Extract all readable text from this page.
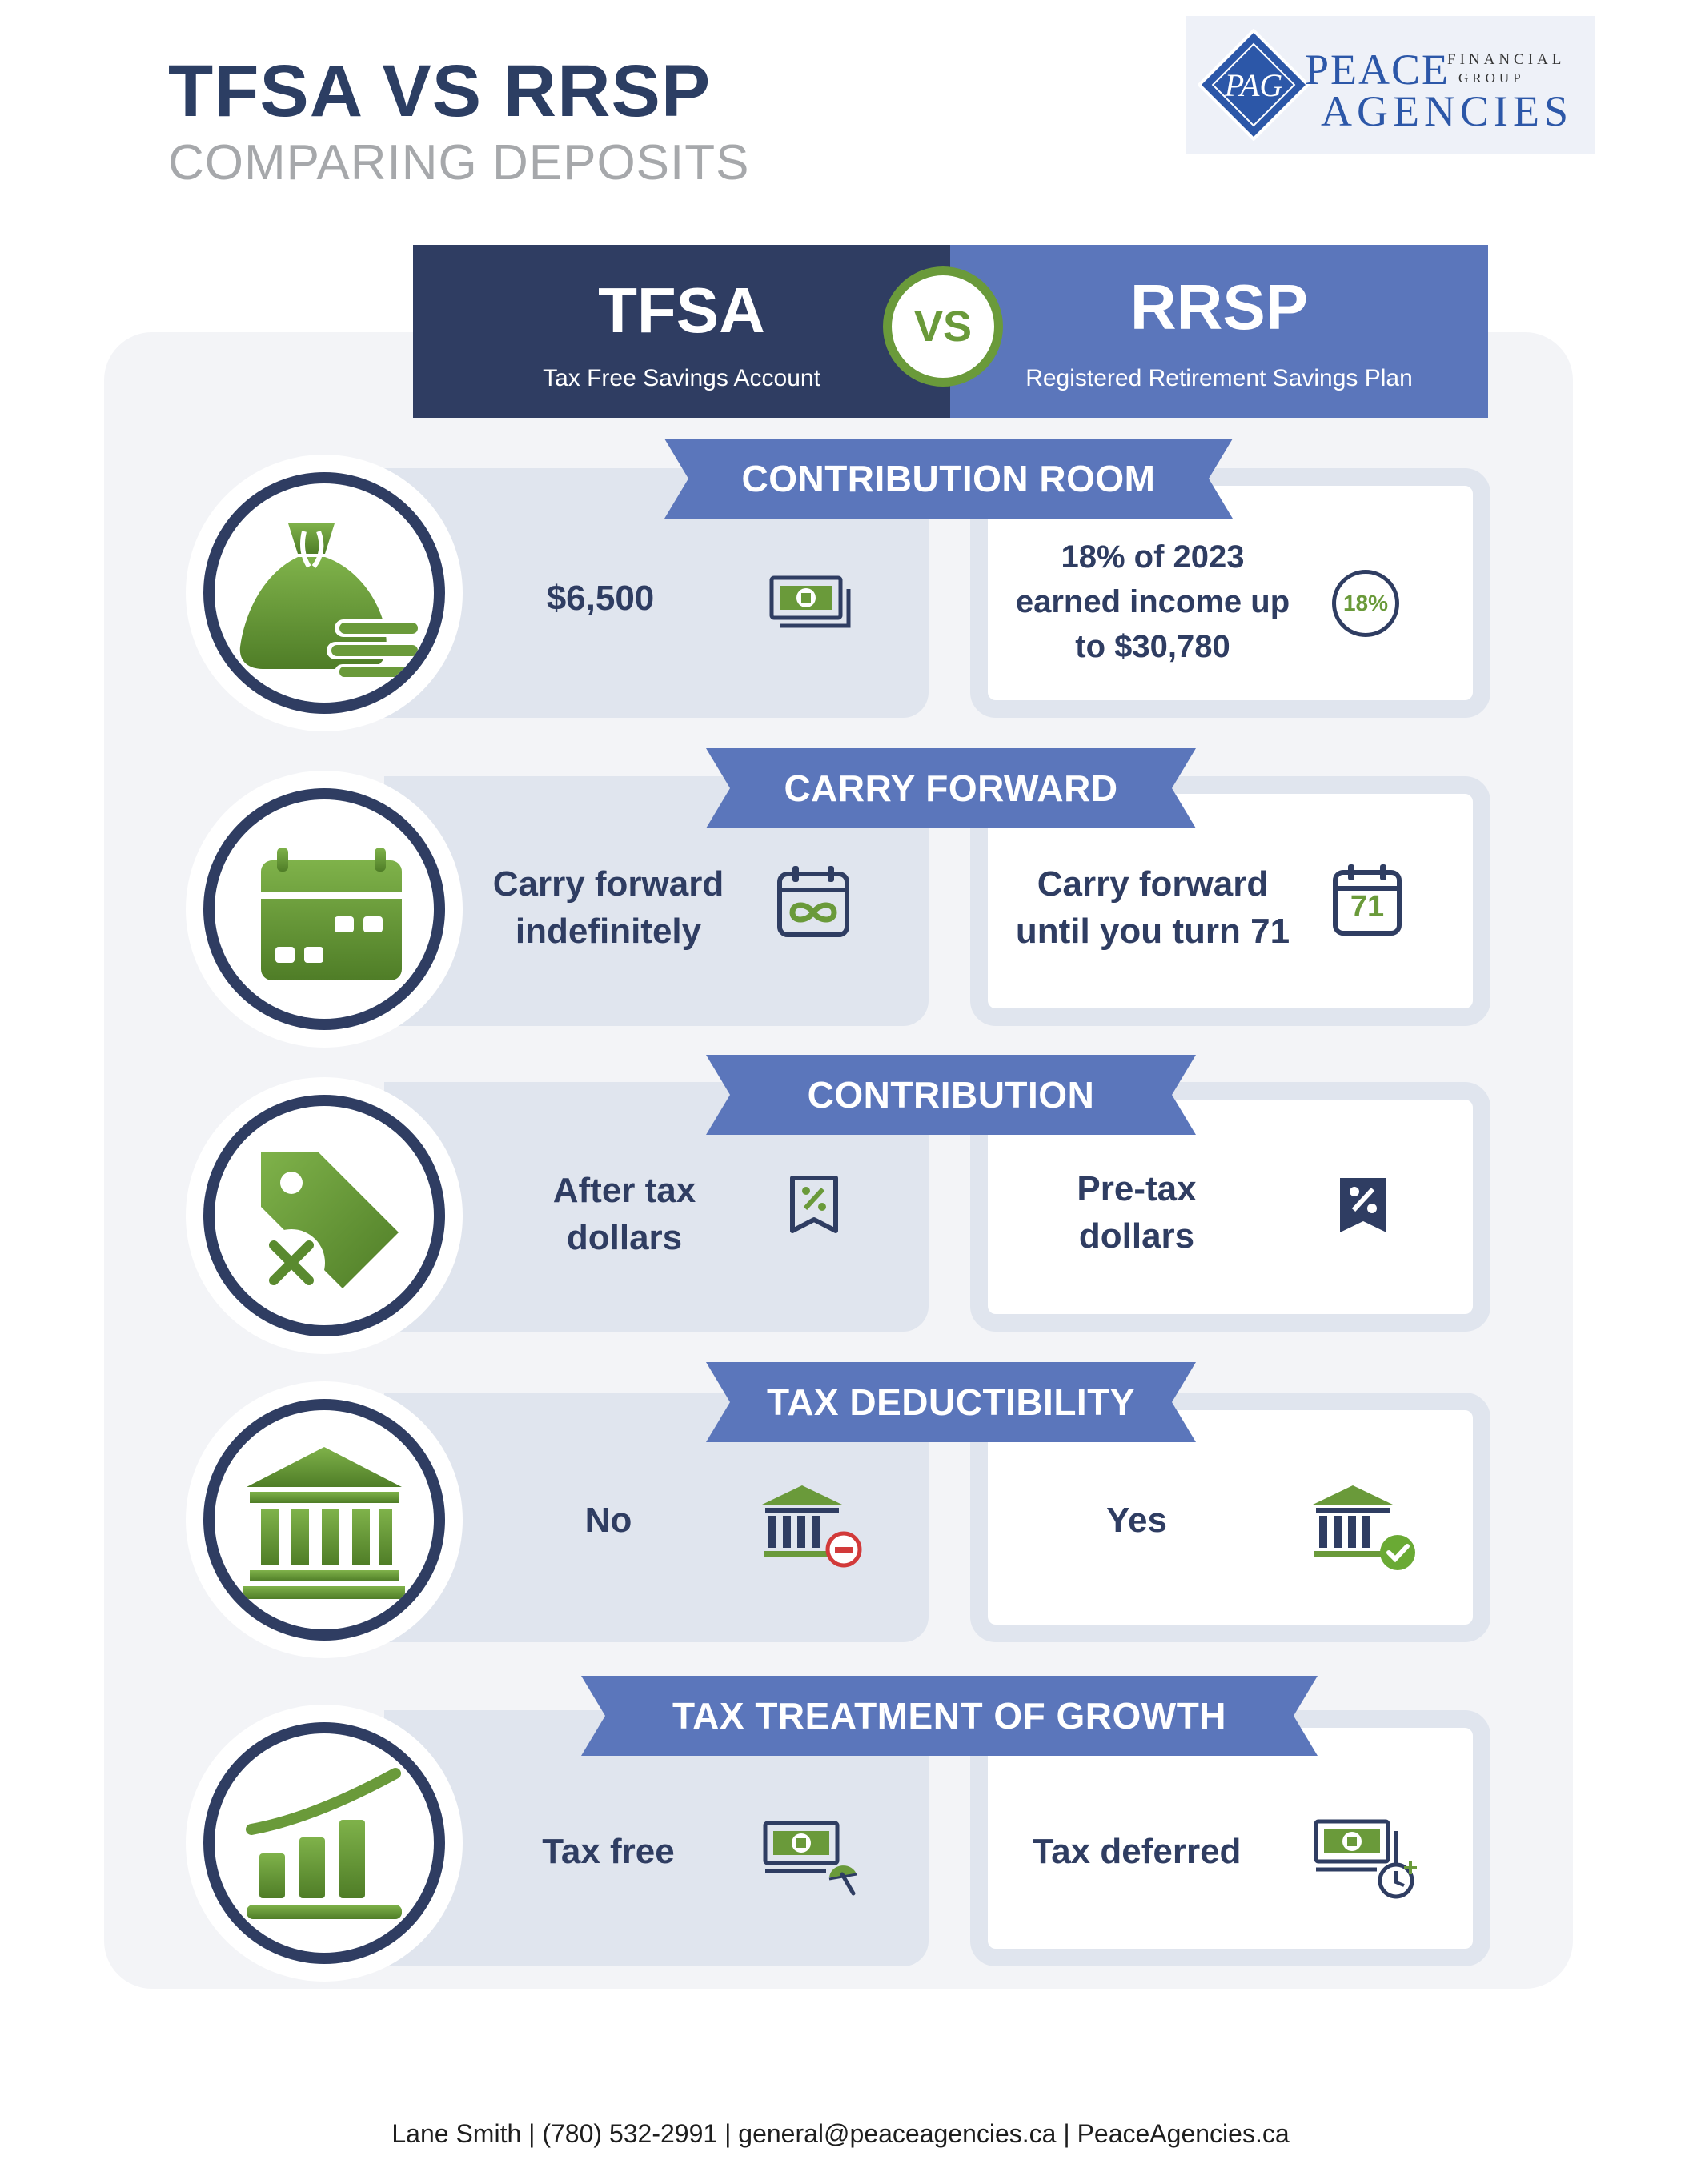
TFSA VS RRSP
COMPARING DEPOSITS
PAG PEACE
FINANCIAL
GROUP
AGENCIES
TFSA
Tax Free Savings Account
RRSP
Registered Retirement Savings Plan
VS
CONTRIBUTION ROOM
$6,500
18% of 2023
earned income up
to $30,780
18%
CARRY FORWARD
Carry forward
indefinitely
Carry forward
until you turn 71
71
CONTRIBUTION
After tax
dollars
Pre-tax
dollars
TAX DEDUCTIBILITY
No	Yes
TAX TREATMENT OF GROWTH
Tax free	Tax deferred
Lane Smith | (780) 532-2991 | general@peaceagencies.ca | PeaceAgencies.ca
